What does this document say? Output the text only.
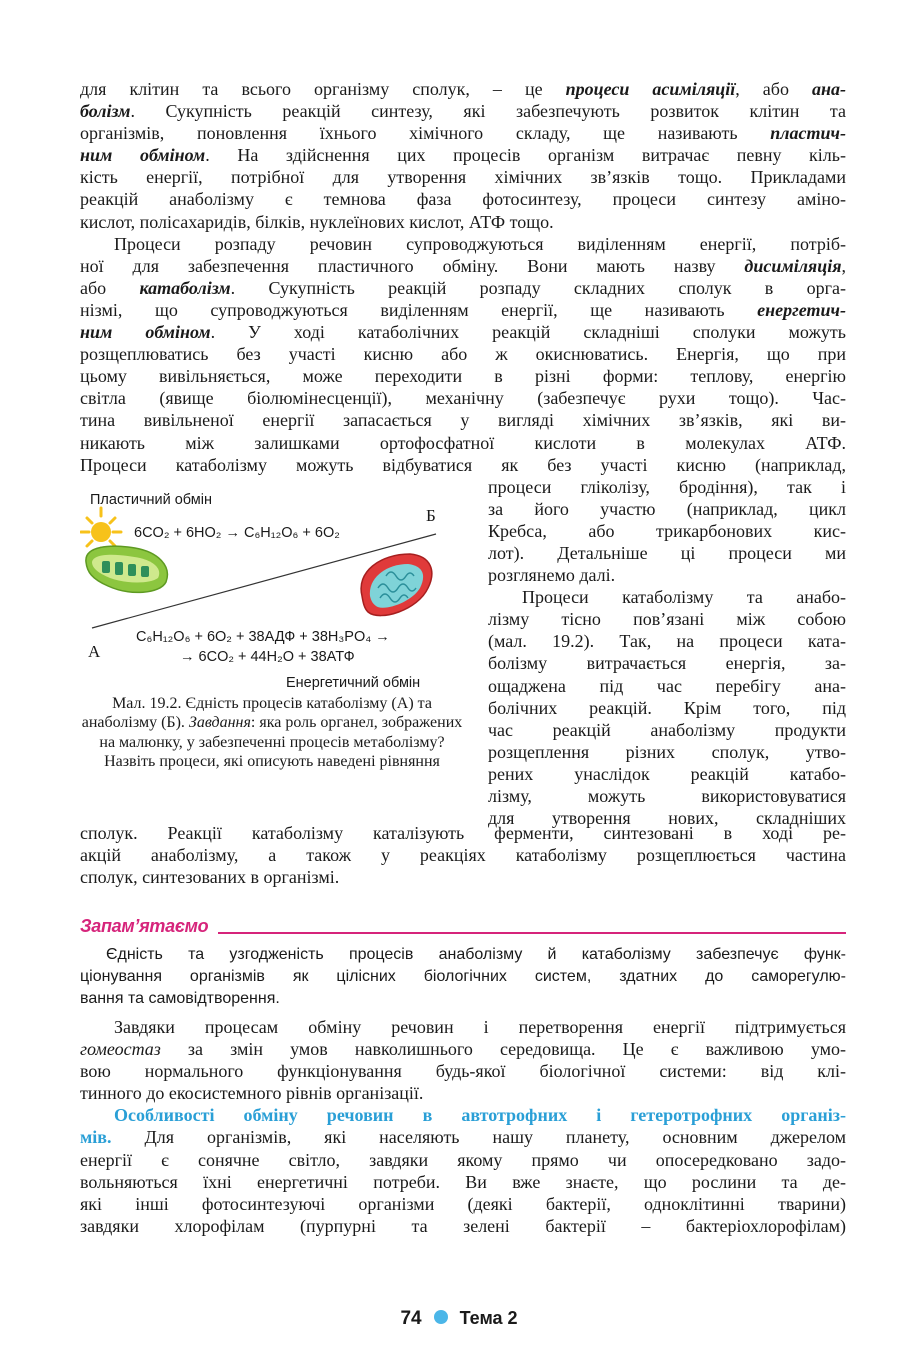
для клітин та всього організму сполук, – це процеси асиміляції, або ана-

болізм. Сукупність реакцій синтезу, які забезпечують розвиток клітин та

організмів, поновлення їхнього хімічного складу, ще називають пластич-

ним обміном. На здійснення цих процесів організм витрачає певну кіль-

кість енергії, потрібної для утворення хімічних зв’язків тощо. Прикладами

реакцій анаболізму є темнова фаза фотосинтезу, процеси синтезу аміно-

кислот, полісахаридів, білків, нуклеїнових кислот, АТФ тощо.

Процеси розпаду речовин супроводжуються виділенням енергії, потріб-

ної для забезпечення пластичного обміну. Вони мають назву дисиміляція,

або катаболізм. Сукупність реакцій розпаду складних сполук в орга-

нізмі, що супроводжуються виділенням енергії, ще називають енергетич-

ним обміном. У ході катаболічних реакцій складніші сполуки можуть

розщеплюватись без участі кисню або ж окиснюватись. Енергія, що при

цьому вивільняється, може переходити в різні форми: теплову, енергію

світла (явище біолюмінесценції), механічну (забезпечує рухи тощо). Час-

тина вивільненої енергії запасається у вигляді хімічних зв’язків, які ви-

никають між залишками ортофосфатної кислоти в молекулах АТФ.

Процеси катаболізму можуть відбуватися як без участі кисню (наприклад,

Пластичний обмін
Б
6CO₂ + 6HO₂ → C₆H₁₂O₆ + 6O₂
А
C₆H₁₂O₆ + 6O₂ + 38АДФ + 38H₃PO₄ →
→ 6CO₂ + 44H₂O + 38АТФ
Енергетичний обмін

Мал. 19.2. Єдність процесів катаболізму (А) та анаболізму (Б). Завдання: яка роль органел, зображених на малюнку, у забезпеченні процесів метаболізму? Назвіть процеси, які описують наведені рівняння

процеси гліколізу, бродіння), так і

за його участю (наприклад, цикл

Кребса, або трикарбонових кис-

лот). Детальніше ці процеси ми

розглянемо далі.

Процеси катаболізму та анабо-

лізму тісно пов’язані між собою

(мал. 19.2). Так, на процеси ката-

болізму витрачається енергія, за-

ощаджена під час перебігу ана-

болічних реакцій. Крім того, під

час реакцій анаболізму продукти

розщеплення різних сполук, утво-

рених унаслідок реакцій катабо-

лізму, можуть використовуватися

для утворення нових, складніших

сполук. Реакції катаболізму каталізують ферменти, синтезовані в ході ре-

акцій анаболізму, а також у реакціях катаболізму розщеплюється частина

сполук, синтезованих в організмі.

Запам’ятаємо

Єдність та узгодженість процесів анаболізму й катаболізму забезпечує функ-

ціонування організмів як цілісних біологічних систем, здатних до саморегулю-

вання та самовідтворення.

Завдяки процесам обміну речовин і перетворення енергії підтримується

гомеостаз за змін умов навколишнього середовища. Це є важливою умо-

вою нормального функціонування будь-якої біологічної системи: від клі-

тинного до екосистемного рівнів організації.

Особливості обміну речовин в автотрофних і гетеротрофних організ-

мів. Для організмів, які населяють нашу планету, основним джерелом

енергії є сонячне світло, завдяки якому прямо чи опосередковано задо-

вольняються їхні енергетичні потреби. Ви вже знаєте, що рослини та де-

які інші фотосинтезуючі організми (деякі бактерії, одноклітинні тварини)

завдяки хлорофілам (пурпурні та зелені бактерії – бактеріохлорофілам)

74 Тема 2
